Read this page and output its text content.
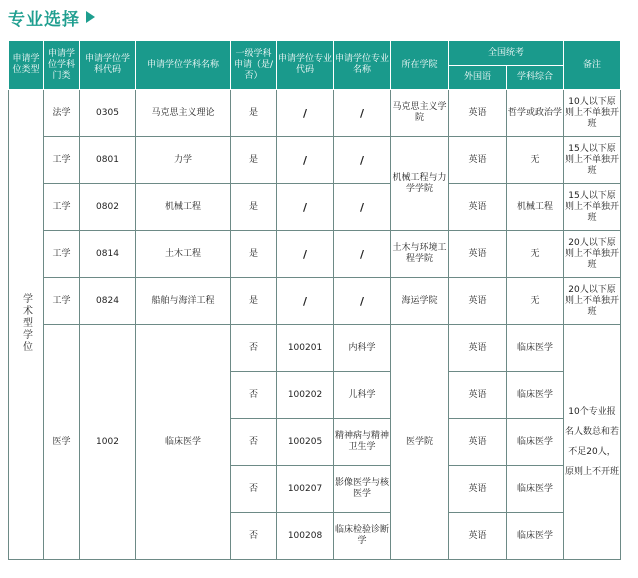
专业选择
申请学位类型	申请学位学科门类	申请学位学科代码	申请学位学科名称	一级学科申请（是/否）	申请学位专业代码	申请学位专业名称	所在学院	全国统考		备注
								外国语	学科综合	
学术型学位	法学	0305	马克思主义理论	是	/	/	马克思主义学院	英语	哲学或政治学	10人以下原则上不单独开班
	工学	0801	力学	是	/	/	机械工程与力学学院	英语	无	15人以下原则上不单独开班
	工学	0802	机械工程	是	/	/		英语	机械工程	15人以下原则上不单独开班
	工学	0814	土木工程	是	/	/	土木与环境工程学院	英语	无	20人以下原则上不单独开班
	工学	0824	船舶与海洋工程	是	/	/	海运学院	英语	无	20人以下原则上不单独开班
	医学	1002	临床医学	否	100201	内科学	医学院	英语	临床医学	10个专业报名人数总和若不足20人，原则上不开班
				否	100202	儿科学		英语	临床医学	
				否	100205	精神病与精神卫生学		英语	临床医学	
				否	100207	影像医学与核医学		英语	临床医学	
				否	100208	临床检验诊断学		英语	临床医学	
